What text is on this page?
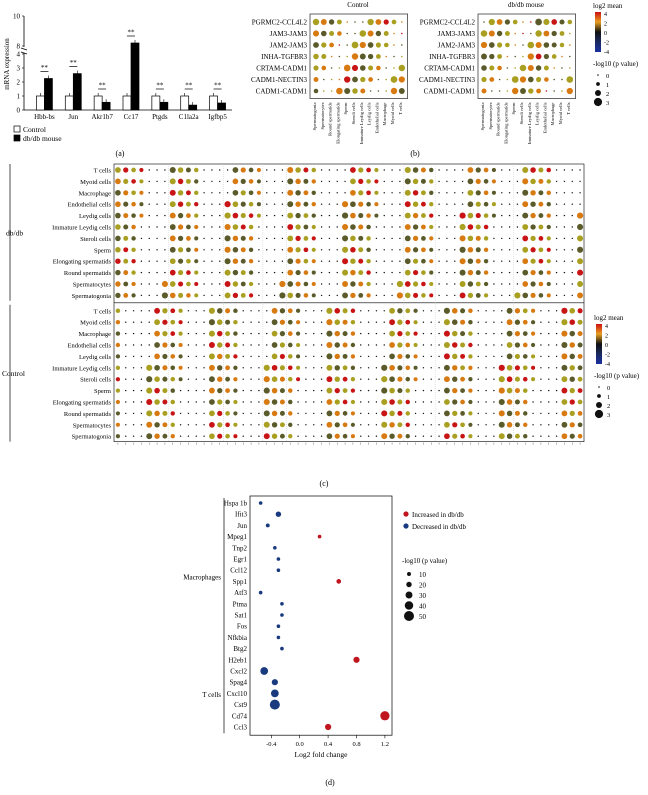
0
1
2
3
4
8
10
mRNA expression	**
Hbb-bs
**
Jun
**
Akr1b7
**
Cc17
**
Ptgds
**
C1la2a
**
Igfbp5
Control
db/db mouse
(a)
Control
PGRMC2-CCL4L2
JAM3-JAM3
JAM2-JAM3
INHA-TGFBR3
CRTAM-CADM1
CADM1-NECTIN3
CADM1-CADM1
Spermatogonia Spermatocytes Round spermatids Elongating spermatids Sperm Steroli cells Immature Leydig cells Leydig cells Endothelial cells Macrophage Myoid cells T cells
db/db mouse
PGRMC2-CCL4L2
JAM3-JAM3
JAM2-JAM3
INHA-TGFBR3
CRTAM-CADM1
CADM1-NECTIN3
CADM1-CADM1
Spermatogonia Spermatocytes Round spermatids Elongating spermatids Sperm Steroli cells Immature Leydig cells Leydig cells Endothelial cells Macrophage Myoid cells T cells
log2 mean
4
2
0
-2
-4
-log10 (p value)
0
1
2
3
(b)
db/db
Control
T cells
Myoid cells
Macrophage
Endothelial cells
Leydig cells
Immature Leydig cells
Steroli cells
Sperm
Elongating spermatids
Round spermatids
Spermatocytes
Spermatogonia
T cells
Myoid cells
Macrophage
Endothelial cells
Leydig cells
Immature Leydig cells
Steroli cells
Sperm
Elongating spermatids
Round spermatids
Spermatocytes
Spermatogonia
log2 mean
4
2
0
-2
-4
-log10 (p value)
0
1
2
3
(c)
Hspa 1b
Ifit3
Jun
Mpeg1
Tnp2
Egr1
Ccl12
Spp1
Atf3
Ptma
Sat1
Fos
Nfkbia
Btg2
H2eb1
Cxcl2
Spag4
Cxcl10
Cst9
Cd74
Ccl3
Macrophages
T cells
-0.4	0.0	0.4	0.8	1.2
Log2 fold change
Increased in db/db
Decreased in db/db
-log10 (p value)
10
20
30
40
50
(d)
